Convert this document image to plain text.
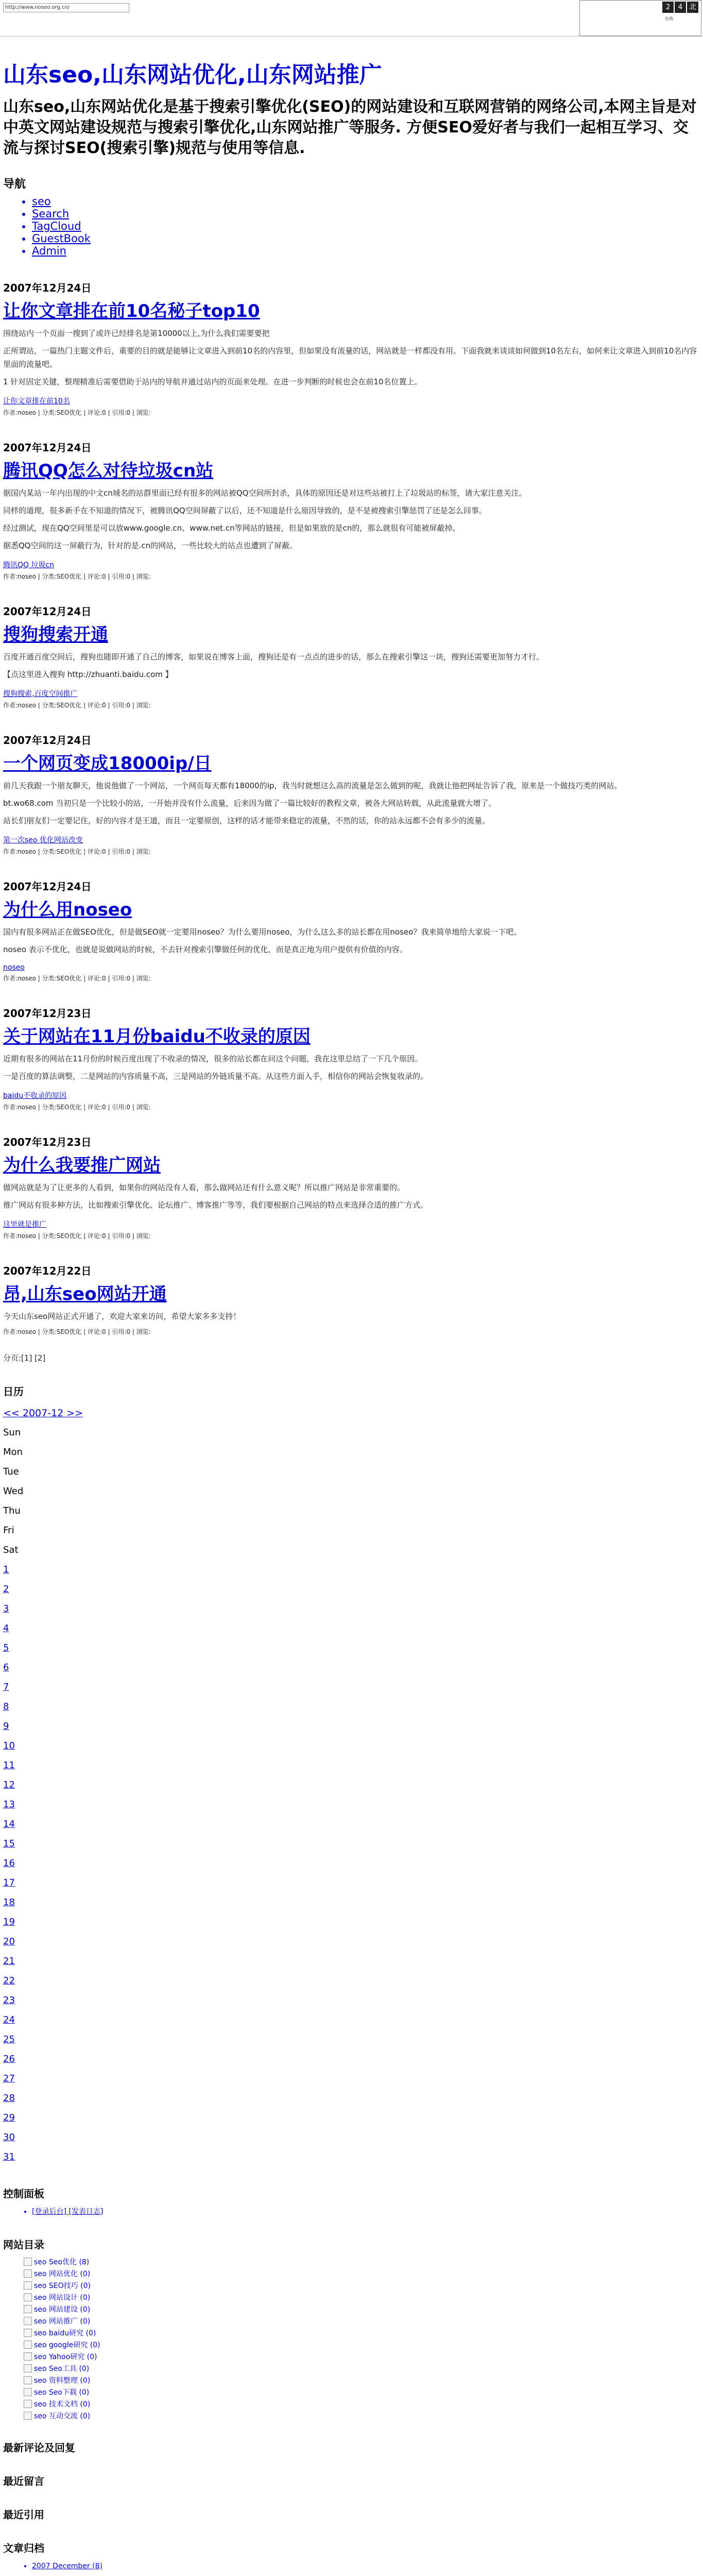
http://www.noseo.org.cn/	2	4 北
在线
山东seo,山东网站优化,山东网站推广
山东seo,山东网站优化是基于搜索引擎优化(SEO)的网站建设和互联网营销的网络公司,本网主旨是对中英文网站建设规范与搜索引擎优化,山东网站推广等服务. 方便SEO爱好者与我们一起相互学习、交流与探讨SEO(搜索引擎)规范与使用等信息.
导航
• seo
• Search
• TagCloud
• GuestBook
• Admin
2007年12月24日
让你文章排在前10名秘子top10
围绕站内一个页面一搜到了或许已经排名是第10000以上,为什么我们需要要把
正所谓站，一篇热门主题文件后，重要的目的就是能够让文章进入到前10名的内容里，但如果没有流量的话，网站就是一样都没有用。下面我就来谈谈如何做到10名左右，如何来让文章进入到前10名内容里面的流量吧。
1 针对固定关键，整理精准后需要借助于站内的导航并通过站内的页面来处理。在进一步判断的时候也会在前10名位置上。
让你文章排在前10名
作者:noseo | 分类:SEO优化 | 评论:0 | 引用:0 | 浏览:
2007年12月24日
腾讯QQ怎么对待垃圾cn站
据国内某站一年内出现的中文cn域名的站群里面已经有很多的网站被QQ空间所封杀，具体的原因还是对这些站被打上了垃圾站的标签，请大家注意关注。
同样的道理，很多新手在不知道的情况下，被腾讯QQ空间屏蔽了以后，还不知道是什么原因导致的，是不是被搜索引擎惩罚了还是怎么回事。
经过测试，现在QQ空间里是可以放www.google.cn、www.net.cn等网站的链接，但是如果放的是cn的，那么就很有可能被屏蔽掉。
据悉QQ空间的这一屏蔽行为，针对的是.cn的网站，一些比较大的站点也遭到了屏蔽。
腾讯QQ 垃圾cn
作者:noseo | 分类:SEO优化 | 评论:0 | 引用:0 | 浏览:
2007年12月24日
搜狗搜索开通
百度开通百度空间后，搜狗也随即开通了自己的博客，如果说在博客上面，搜狗还是有一点点的进步的话，那么在搜索引擎这一块，搜狗还需要更加努力才行。
【点这里进入搜狗 http://zhuanti.baidu.com 】
搜狗搜索,百度空间推广
作者:noseo | 分类:SEO优化 | 评论:0 | 引用:0 | 浏览:
2007年12月24日
一个网页变成18000ip/日
前几天我跟一个朋友聊天，他说他做了一个网站，一个网页每天都有18000的ip，我当时就想这么高的流量是怎么做到的呢，我就让他把网址告诉了我，原来是一个做技巧类的网站。
bt.wo68.com 当初只是一个比较小的站，一开始并没有什么流量，后来因为做了一篇比较好的教程文章，被各大网站转载，从此流量就大增了。
站长们朋友们一定要记住，好的内容才是王道，而且一定要原创，这样的话才能带来稳定的流量，不然的话，你的站永远都不会有多少的流量。
第一次seo 优化网站改变
作者:noseo | 分类:SEO优化 | 评论:0 | 引用:0 | 浏览:
2007年12月24日
为什么用noseo
国内有很多网站正在做SEO优化，但是做SEO就一定要用noseo？为什么要用noseo，为什么这么多的站长都在用noseo？我来简单地给大家说一下吧。
noseo 表示不优化，也就是说做网站的时候，不去针对搜索引擎做任何的优化，而是真正地为用户提供有价值的内容。
noseo
作者:noseo | 分类:SEO优化 | 评论:0 | 引用:0 | 浏览:
2007年12月23日
关于网站在11月份baidu不收录的原因
近期有很多的网站在11月份的时候百度出现了不收录的情况，很多的站长都在问这个问题，我在这里总结了一下几个原因。
一是百度的算法调整，二是网站的内容质量不高，三是网站的外链质量不高。从这些方面入手，相信你的网站会恢复收录的。
baidu不收录的原因
作者:noseo | 分类:SEO优化 | 评论:0 | 引用:0 | 浏览:
2007年12月23日
为什么我要推广网站
做网站就是为了让更多的人看到，如果你的网站没有人看，那么做网站还有什么意义呢？所以推广网站是非常重要的。
推广网站有很多种方法，比如搜索引擎优化、论坛推广、博客推广等等，我们要根据自己网站的特点来选择合适的推广方式。
这里就是推广
作者:noseo | 分类:SEO优化 | 评论:0 | 引用:0 | 浏览:
2007年12月22日
昂,山东seo网站开通
今天山东seo网站正式开通了，欢迎大家来访问，希望大家多多支持！
作者:noseo | 分类:SEO优化 | 评论:0 | 引用:0 | 浏览:
分页:[1] [2]
日历
<< 2007-12 >>
Sun
Mon
Tue
Wed
Thu
Fri
Sat
1
2
3
4
5
6
7
8
9
10
11
12
13
14
15
16
17
18
19
20
21
22
23
24
25
26
27
28
29
30
31
控制面板
• [登录后台] [发表日志]
网站目录
seo Seo优化 (8)
seo 网站优化 (0)
seo SEO技巧 (0)
seo 网站设计 (0)
seo 网站建设 (0)
seo 网站推广 (0)
seo baidu研究 (0)
seo google研究 (0)
seo Yahoo研究 (0)
seo Seo工具 (0)
seo 资料整理 (0)
seo Seo下载 (0)
seo 技术文档 (0)
seo 互动交流 (0)
最新评论及回复
最近留言
最近引用
文章归档
• 2007 December (8)
